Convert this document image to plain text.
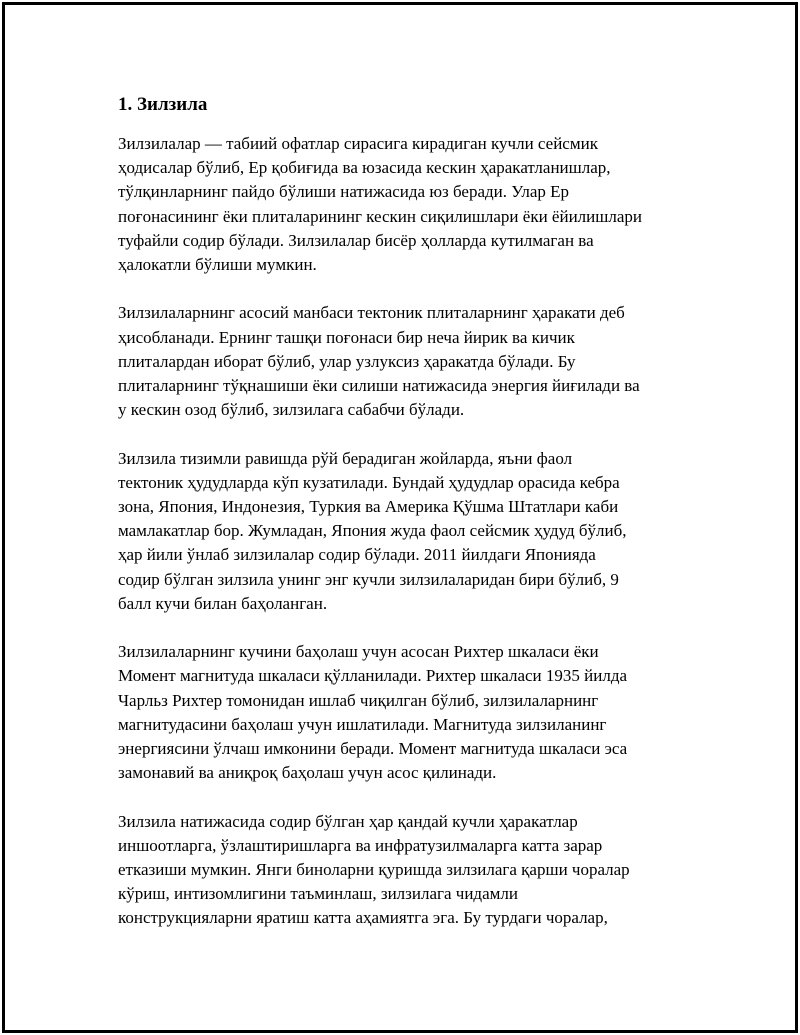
1. Зилзила

Зилзилалар — табиий офатлар сирасига кирадиган кучли сейсмик
ҳодисалар бўлиб, Ер қобиғида ва юзасида кескин ҳаракатланишлар,
тўлқинларнинг пайдо бўлиши натижасида юз беради. Улар Ер
поғонасининг ёки плиталарининг кескин сиқилишлари ёки ёйилишлари
туфайли содир бўлади. Зилзилалар бисёр ҳолларда кутилмаган ва
ҳалокатли бўлиши мумкин.

Зилзилаларнинг асосий манбаси тектоник плиталарнинг ҳаракати деб
ҳисобланади. Ернинг ташқи поғонаси бир неча йирик ва кичик
плиталардан иборат бўлиб, улар узлуксиз ҳаракатда бўлади. Бу
плиталарнинг тўқнашиши ёки силиши натижасида энергия йиғилади ва
у кескин озод бўлиб, зилзилага сабабчи бўлади.

Зилзила тизимли равишда рўй берадиган жойларда, яъни фаол
тектоник ҳудудларда кўп кузатилади. Бундай ҳудудлар орасида кебра
зона, Япония, Индонезия, Туркия ва Америка Қўшма Штатлари каби
мамлакатлар бор. Жумладан, Япония жуда фаол сейсмик ҳудуд бўлиб,
ҳар йили ўнлаб зилзилалар содир бўлади. 2011 йилдаги Японияда
содир бўлган зилзила унинг энг кучли зилзилаларидан бири бўлиб, 9
балл кучи билан баҳоланган.

Зилзилаларнинг кучини баҳолаш учун асосан Рихтер шкаласи ёки
Момент магнитуда шкаласи қўлланилади. Рихтер шкаласи 1935 йилда
Чарльз Рихтер томонидан ишлаб чиқилган бўлиб, зилзилаларнинг
магнитудасини баҳолаш учун ишлатилади. Магнитуда зилзиланинг
энергиясини ўлчаш имконини беради. Момент магнитуда шкаласи эса
замонавий ва аниқроқ баҳолаш учун асос қилинади.

Зилзила натижасида содир бўлган ҳар қандай кучли ҳаракатлар
иншоотларга, ўзлаштиришларга ва инфратузилмаларга катта зарар
етказиши мумкин. Янги биноларни қуришда зилзилага қарши чоралар
кўриш, интизомлигини таъминлаш, зилзилага чидамли
конструкцияларни яратиш катта аҳамиятга эга. Бу турдаги чоралар,
